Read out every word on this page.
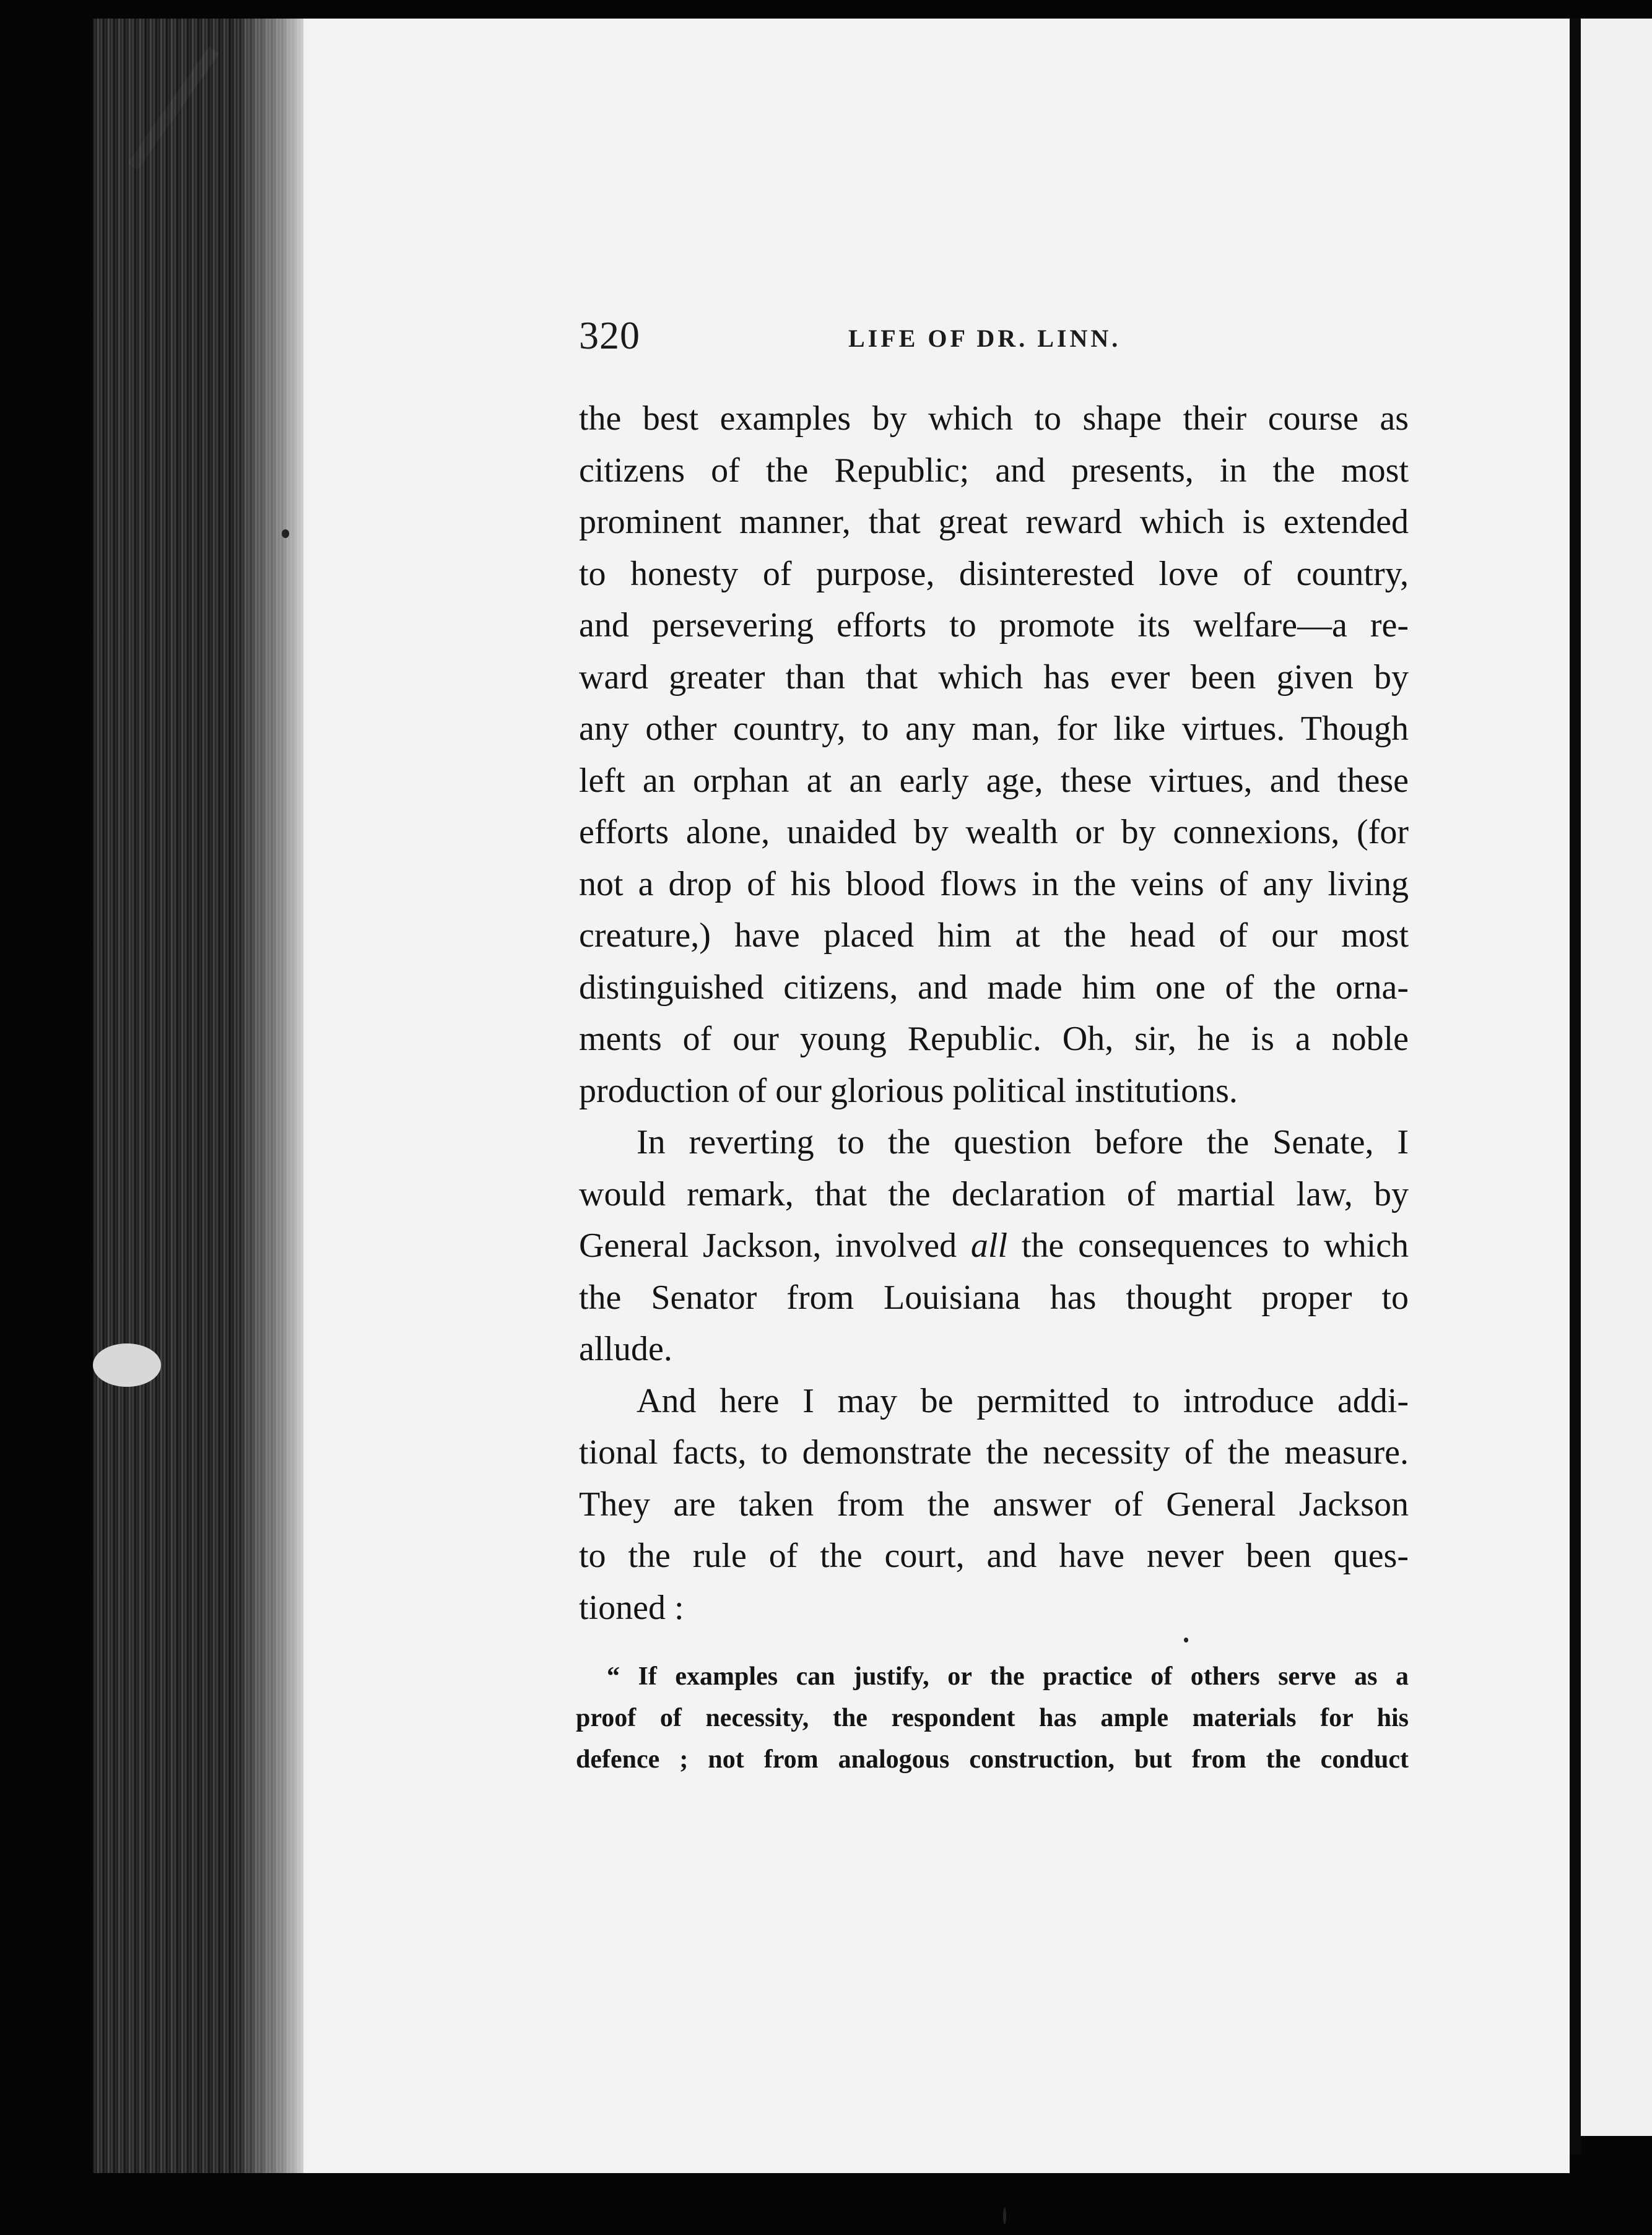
320	LIFE OF DR. LINN.
the best examples by which to shape their course as
citizens of the Republic; and presents, in the most
prominent manner, that great reward which is extended
to honesty of purpose, disinterested love of country,
and persevering efforts to promote its welfare—a re-
ward greater than that which has ever been given by
any other country, to any man, for like virtues. Though
left an orphan at an early age, these virtues, and these
efforts alone, unaided by wealth or by connexions, (for
not a drop of his blood flows in the veins of any living
creature,) have placed him at the head of our most
distinguished citizens, and made him one of the orna-
ments of our young Republic. Oh, sir, he is a noble
production of our glorious political institutions.
In reverting to the question before the Senate, I
would remark, that the declaration of martial law, by
General Jackson, involved all the consequences to which
the Senator from Louisiana has thought proper to
allude.
And here I may be permitted to introduce addi-
tional facts, to demonstrate the necessity of the measure.
They are taken from the answer of General Jackson
to the rule of the court, and have never been ques-
tioned :
“ If examples can justify, or the practice of others serve as a
proof of necessity, the respondent has ample materials for his
defence ; not from analogous construction, but from the conduct
